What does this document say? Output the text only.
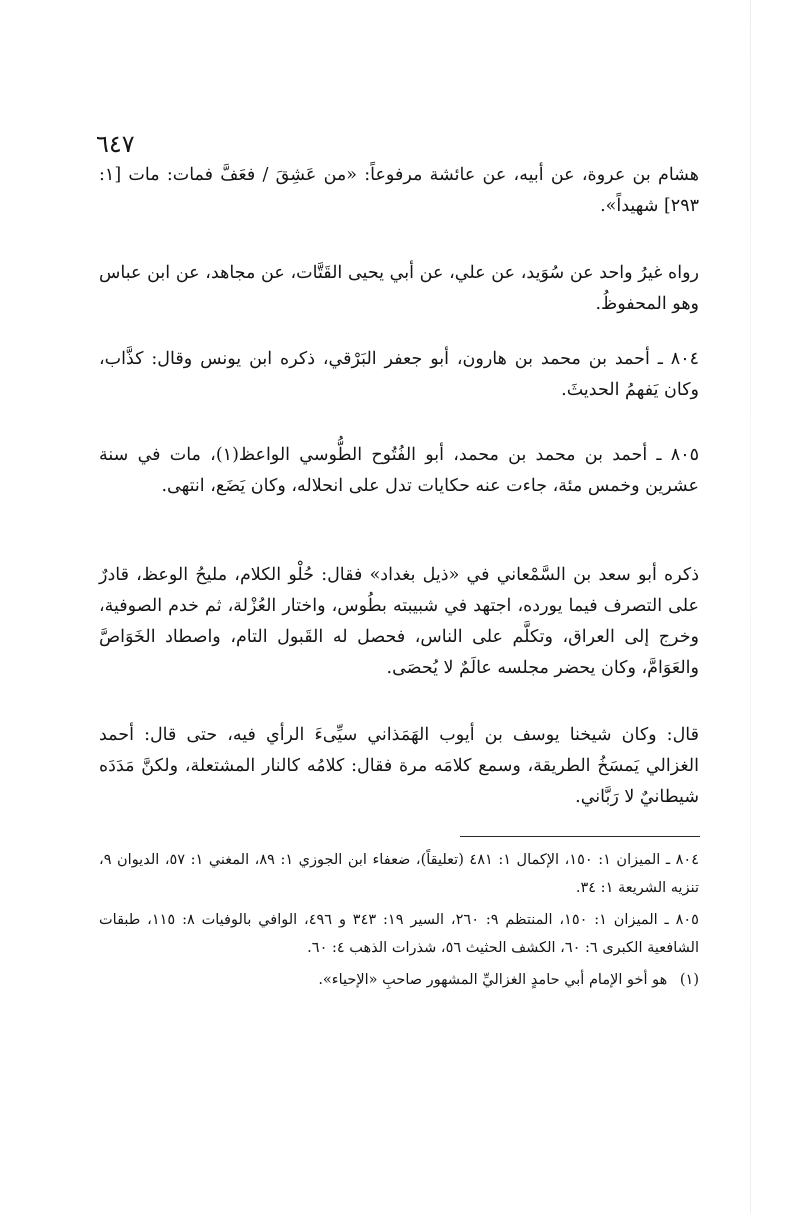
٦٤٧

هشام بن عروة، عن أبيه، عن عائشة مرفوعاً: «من عَشِقَ / فعَفَّ فمات: مات [١: ٢٩٣] شهيداً».

رواه غيرُ واحد عن سُوَيد، عن علي، عن أبي يحيى القَتَّات، عن مجاهد، عن ابن عباس وهو المحفوظُ.

٨٠٤ ـ أحمد بن محمد بن هارون، أبو جعفر البَرْقي، ذكره ابن يونس وقال: كذَّاب، وكان يَفهمُ الحديثَ.

٨٠٥ ـ أحمد بن محمد بن محمد، أبو الفُتُوح الطُّوسي الواعظ(١)، مات في سنة عشرين وخمس مئة، جاءت عنه حكايات تدل على انحلاله، وكان يَضَع، انتهى.

ذكره أبو سعد بن السَّمْعاني في «ذيل بغداد» فقال: حُلْو الكلام، مليحُ الوعظ، قادرٌ على التصرف فيما يورده، اجتهد في شبيبته بطُوس، واختار العُزْلة، ثم خدم الصوفية، وخرج إلى العراق، وتكلَّم على الناس، فحصل له القَبول التام، واصطاد الخَوَاصَّ والعَوَامَّ، وكان يحضر مجلسه عالَمٌ لا يُحصَى.

قال: وكان شيخنا يوسف بن أيوب الهَمَذاني سيِّىءَ الرأي فيه، حتى قال: أحمد الغزالي يَمسَخُ الطريقة، وسمع كلامَه مرة فقال: كلامُه كالنار المشتعلة، ولكنَّ مَدَدَه شيطانيٌ لا رَبَّاني.

٨٠٤ ـ الميزان ١: ١٥٠، الإكمال ١: ٤٨١ (تعليقاً)، ضعفاء ابن الجوزي ١: ٨٩، المغني ١: ٥٧، الديوان ٩، تنزيه الشريعة ١: ٣٤.

٨٠٥ ـ الميزان ١: ١٥٠، المنتظم ٩: ٢٦٠، السير ١٩: ٣٤٣ و ٤٩٦، الوافي بالوفيات ٨: ١١٥، طبقات الشافعية الكبرى ٦: ٦٠، الكشف الحثيث ٥٦، شذرات الذهب ٤: ٦٠.

(١) هو أخو الإمام أبي حامدٍ الغزاليِّ المشهور صاحبِ «الإحياء».
